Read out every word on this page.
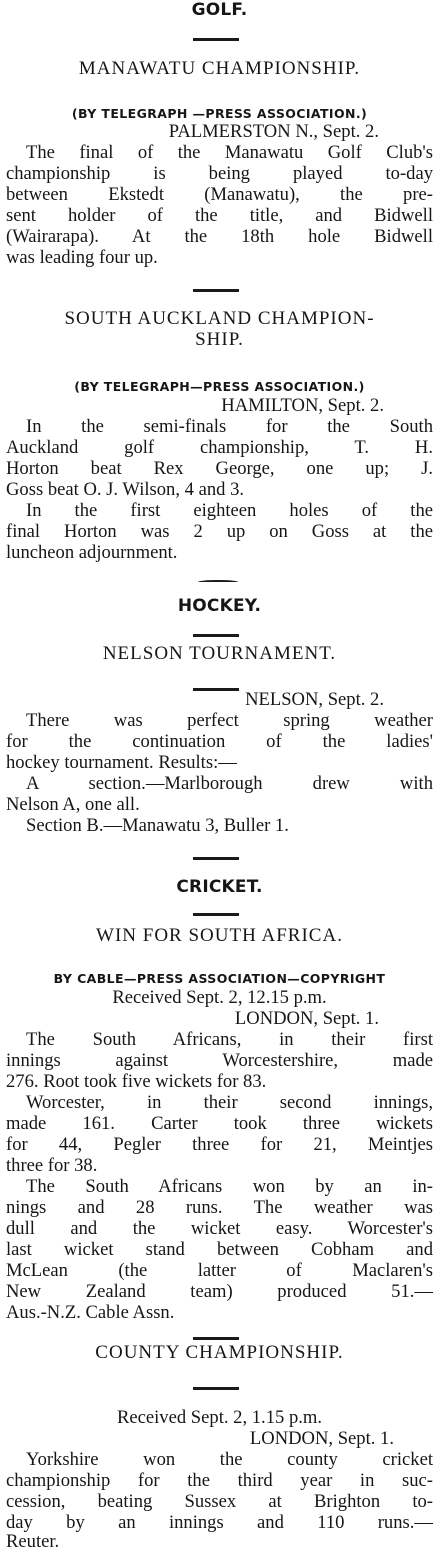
GOLF.

MANAWATU CHAMPIONSHIP.

(BY TELEGRAPH —PRESS ASSOCIATION.)

PALMERSTON N., Sept. 2.

The final of the Manawatu Golf Club's

championship is being played to-day

between Ekstedt (Manawatu), the pre-

sent holder of the title, and Bidwell

(Wairarapa). At the 18th hole Bidwell

was leading four up.

SOUTH AUCKLAND CHAMPION-

SHIP.

(BY TELEGRAPH—PRESS ASSOCIATION.)

HAMILTON, Sept. 2.

In the semi-finals for the South

Auckland golf championship, T. H.

Horton beat Rex George, one up; J.

Goss beat O. J. Wilson, 4 and 3.

In the first eighteen holes of the

final Horton was 2 up on Goss at the

luncheon adjournment.

HOCKEY.

NELSON TOURNAMENT.

NELSON, Sept. 2.

There was perfect spring weather

for the continuation of the ladies'

hockey tournament. Results:—

A section.—Marlborough drew with

Nelson A, one all.

Section B.—Manawatu 3, Buller 1.

CRICKET.

WIN FOR SOUTH AFRICA.

BY CABLE—PRESS ASSOCIATION—COPYRIGHT

Received Sept. 2, 12.15 p.m.

LONDON, Sept. 1.

The South Africans, in their first

innings against Worcestershire, made

276. Root took five wickets for 83.

Worcester, in their second innings,

made 161. Carter took three wickets

for 44, Pegler three for 21, Meintjes

three for 38.

The South Africans won by an in-

nings and 28 runs. The weather was

dull and the wicket easy. Worcester's

last wicket stand between Cobham and

McLean (the latter of Maclaren's

New Zealand team) produced 51.—

Aus.-N.Z. Cable Assn.

COUNTY CHAMPIONSHIP.

Received Sept. 2, 1.15 p.m.

LONDON, Sept. 1.

Yorkshire won the county cricket

championship for the third year in suc-

cession, beating Sussex at Brighton to-

day by an innings and 110 runs.—

Reuter.
